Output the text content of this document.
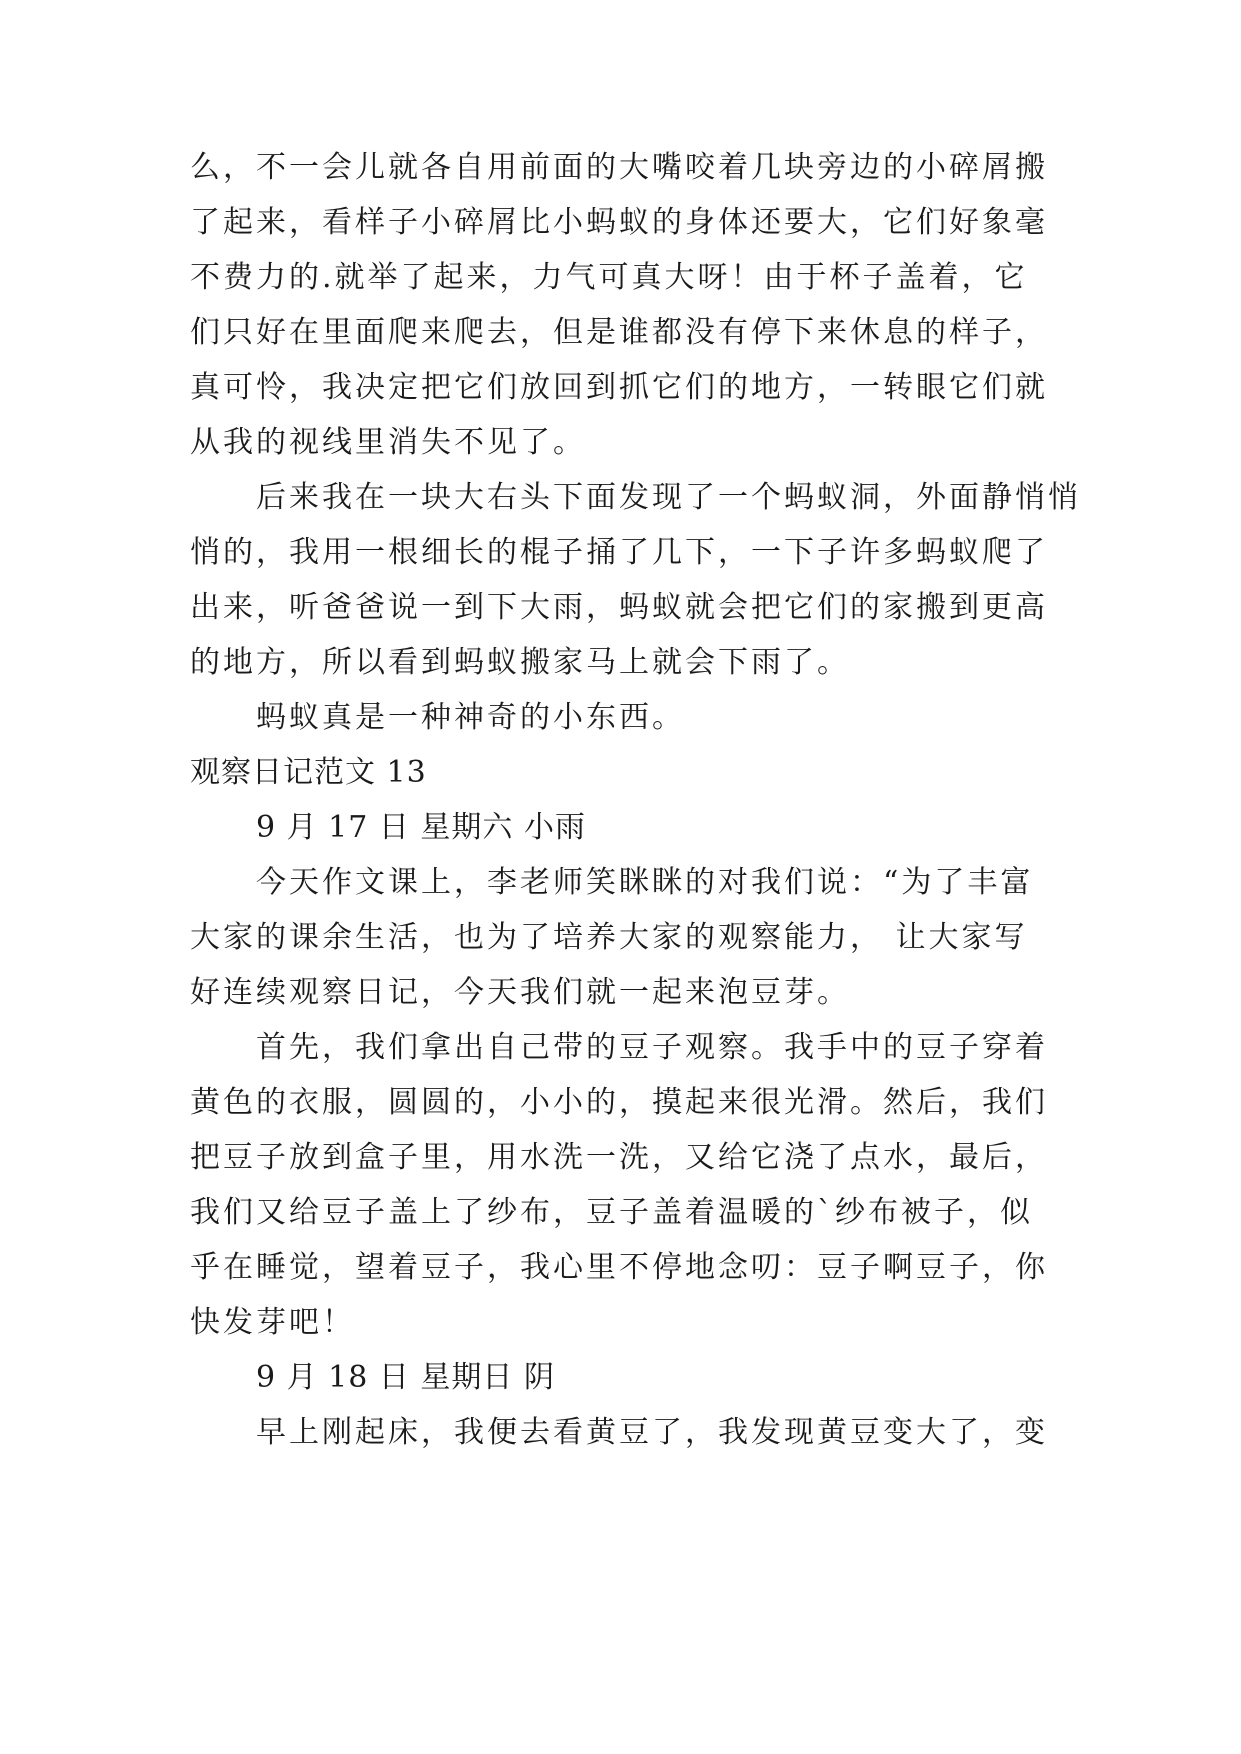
么，不一会儿就各自用前面的大嘴咬着几块旁边的小碎屑搬
了起来，看样子小碎屑比小蚂蚁的身体还要大，它们好象毫
不费力的.就举了起来，力气可真大呀！由于杯子盖着，它
们只好在里面爬来爬去，但是谁都没有停下来休息的样子，
真可怜，我决定把它们放回到抓它们的地方，一转眼它们就
从我的视线里消失不见了。
后来我在一块大右头下面发现了一个蚂蚁洞，外面静悄悄
悄的，我用一根细长的棍子捅了几下，一下子许多蚂蚁爬了
出来，听爸爸说一到下大雨，蚂蚁就会把它们的家搬到更高
的地方，所以看到蚂蚁搬家马上就会下雨了。
蚂蚁真是一种神奇的小东西。
观察日记范文 13
9 月 17 日 星期六 小雨
今天作文课上，李老师笑眯眯的对我们说：“为了丰富
大家的课余生活，也为了培养大家的观察能力， 让大家写
好连续观察日记，今天我们就一起来泡豆芽。
首先，我们拿出自己带的豆子观察。我手中的豆子穿着
黄色的衣服，圆圆的，小小的，摸起来很光滑。然后，我们
把豆子放到盒子里，用水洗一洗，又给它浇了点水，最后，
我们又给豆子盖上了纱布，豆子盖着温暖的`纱布被子，似
乎在睡觉，望着豆子，我心里不停地念叨：豆子啊豆子，你
快发芽吧！
9 月 18 日 星期日 阴
早上刚起床，我便去看黄豆了，我发现黄豆变大了，变
